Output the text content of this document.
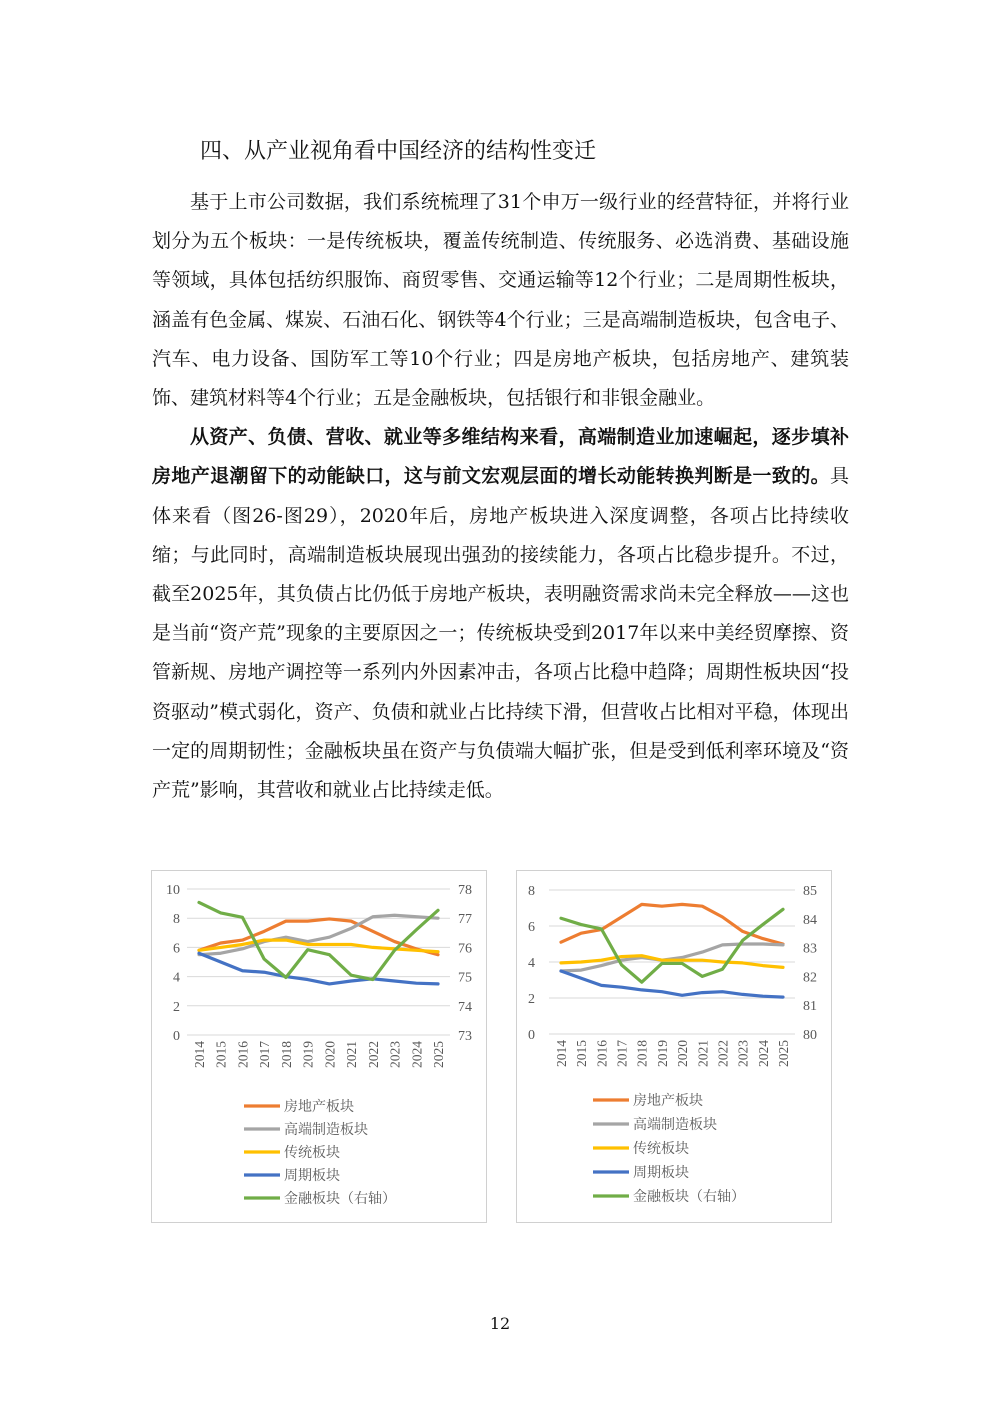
四、从产业视角看中国经济的结构性变迁

基于上市公司数据，我们系统梳理了31个申万一级行业的经营特征，并将行业划分为五个板块：一是传统板块，覆盖传统制造、传统服务、必选消费、基础设施等领域，具体包括纺织服饰、商贸零售、交通运输等12个行业；二是周期性板块，涵盖有色金属、煤炭、石油石化、钢铁等4个行业；三是高端制造板块，包含电子、汽车、电力设备、国防军工等10个行业；四是房地产板块，包括房地产、建筑装饰、建筑材料等4个行业；五是金融板块，包括银行和非银金融业。

从资产、负债、营收、就业等多维结构来看，高端制造业加速崛起，逐步填补房地产退潮留下的动能缺口，这与前文宏观层面的增长动能转换判断是一致的。具体来看（图26-图29），2020年后，房地产板块进入深度调整，各项占比持续收缩；与此同时，高端制造板块展现出强劲的接续能力，各项占比稳步提升。不过，截至2025年，其负债占比仍低于房地产板块，表明融资需求尚未完全释放——这也是当前“资产荒”现象的主要原因之一；传统板块受到2017年以来中美经贸摩擦、资管新规、房地产调控等一系列内外因素冲击，各项占比稳中趋降；周期性板块因“投资驱动”模式弱化，资产、负债和就业占比持续下滑，但营收占比相对平稳，体现出一定的周期韧性；金融板块虽在资产与负债端大幅扩张，但是受到低利率环境及“资产荒”影响，其营收和就业占比持续走低。

0
2
4
6
8
10
73
74
75
76
77
78
2014 2015 2016 2017 2018 2019 2020 2021 2022 2023 2024 2025
房地产板块
高端制造板块
传统板块
周期板块
金融板块（右轴）
0
2
4
6
8
80
81
82
83
84
85
2014 2015 2016 2017 2018 2019 2020 2021 2022 2023 2024 2025
房地产板块
高端制造板块
传统板块
周期板块
金融板块（右轴）
12
